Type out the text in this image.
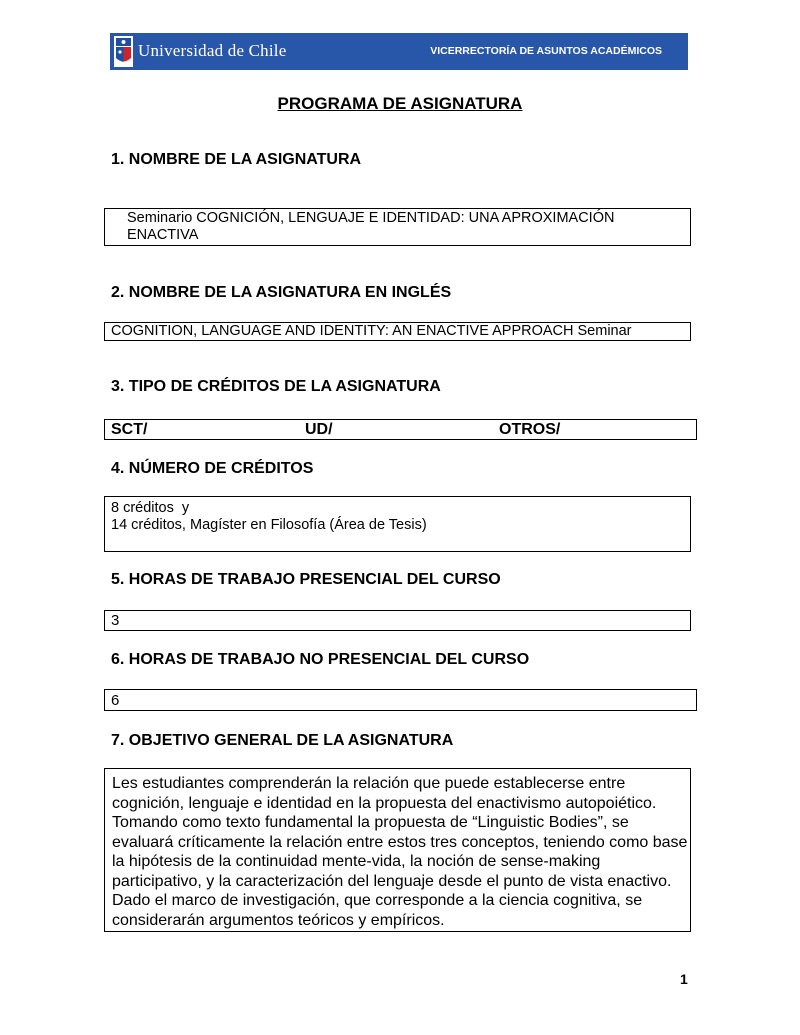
Universidad de Chile	VICERRECTORÍA DE ASUNTOS ACADÉMICOS
PROGRAMA DE ASIGNATURA
1. NOMBRE DE LA ASIGNATURA
Seminario COGNICIÓN, LENGUAJE E IDENTIDAD: UNA APROXIMACIÓN ENACTIVA
2. NOMBRE DE LA ASIGNATURA EN INGLÉS
COGNITION, LANGUAGE AND IDENTITY: AN ENACTIVE APPROACH Seminar
3. TIPO DE CRÉDITOS DE LA ASIGNATURA
SCT/	UD/	OTROS/
4. NÚMERO DE CRÉDITOS
8 créditos  y
14 créditos, Magíster en Filosofía (Área de Tesis)
5. HORAS DE TRABAJO PRESENCIAL DEL CURSO
3
6. HORAS DE TRABAJO NO PRESENCIAL DEL CURSO
6
7. OBJETIVO GENERAL DE LA ASIGNATURA
Les estudiantes comprenderán la relación que puede establecerse entre cognición, lenguaje e identidad en la propuesta del enactivismo autopoiético. Tomando como texto fundamental la propuesta de “Linguistic Bodies”, se evaluará críticamente la relación entre estos tres conceptos, teniendo como base la hipótesis de la continuidad mente-vida, la noción de sense-making participativo, y la caracterización del lenguaje desde el punto de vista enactivo. Dado el marco de investigación, que corresponde a la ciencia cognitiva, se considerarán argumentos teóricos y empíricos.
1
